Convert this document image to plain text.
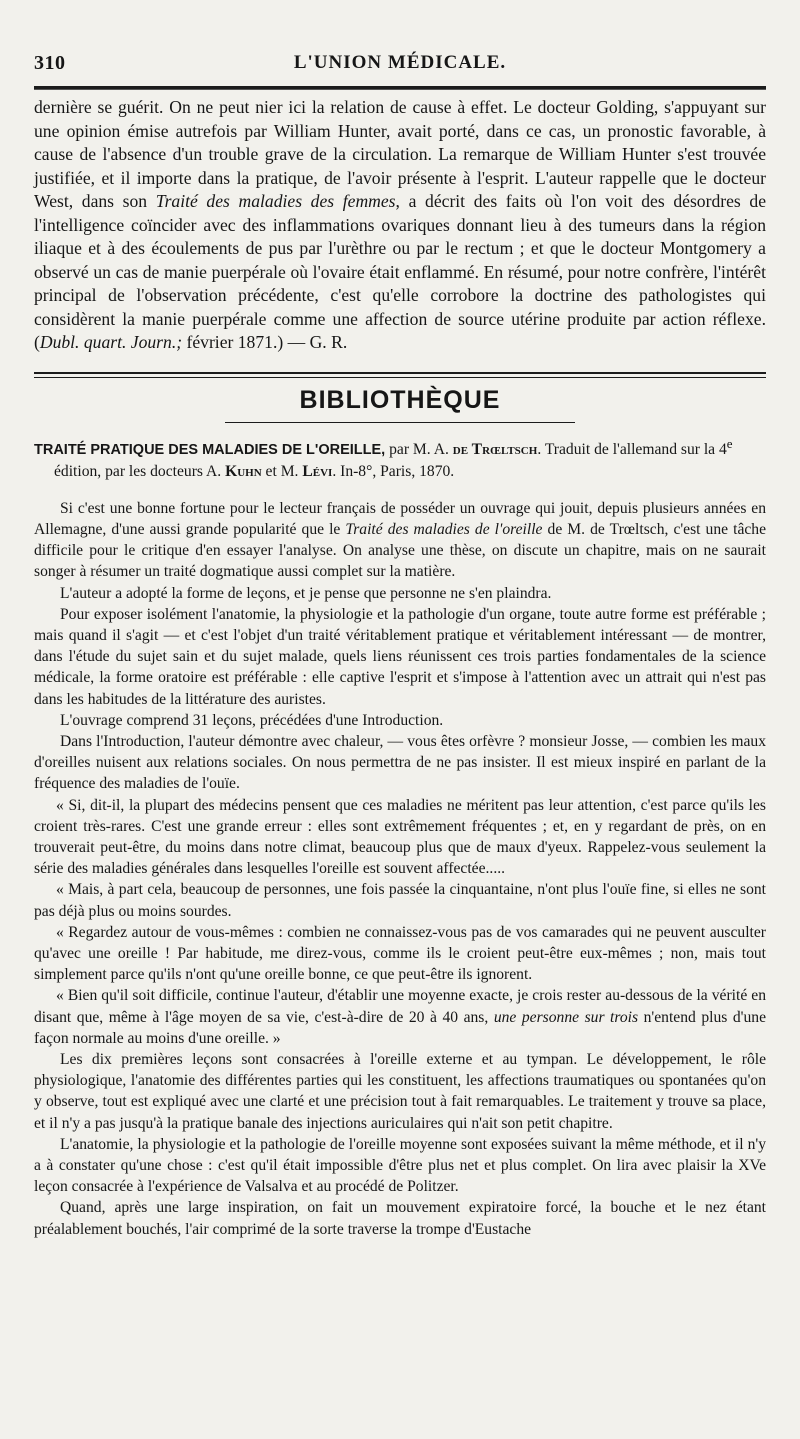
310	L'UNION MÉDICALE.

dernière se guérit. On ne peut nier ici la relation de cause à effet. Le docteur Golding, s'appuyant sur une opinion émise autrefois par William Hunter, avait porté, dans ce cas, un pronostic favorable, à cause de l'absence d'un trouble grave de la circulation. La remarque de William Hunter s'est trouvée justifiée, et il importe dans la pratique, de l'avoir présente à l'esprit. L'auteur rappelle que le docteur West, dans son Traité des maladies des femmes, a décrit des faits où l'on voit des désordres de l'intelligence coïncider avec des inflammations ovariques donnant lieu à des tumeurs dans la région iliaque et à des écoulements de pus par l'urèthre ou par le rectum ; et que le docteur Montgomery a observé un cas de manie puerpérale où l'ovaire était enflammé. En résumé, pour notre confrère, l'intérêt principal de l'observation précédente, c'est qu'elle corrobore la doctrine des pathologistes qui considèrent la manie puerpérale comme une affection de source utérine produite par action réflexe. (Dubl. quart. Journ.; février 1871.) — G. R.

BIBLIOTHÈQUE

TRAITÉ PRATIQUE DES MALADIES DE L'OREILLE, par M. A. de Trœltsch. Traduit de l'allemand sur la 4e édition, par les docteurs A. Kuhn et M. Lévi. In-8°, Paris, 1870.

Si c'est une bonne fortune pour le lecteur français de posséder un ouvrage qui jouit, depuis plusieurs années en Allemagne, d'une aussi grande popularité que le Traité des maladies de l'oreille de M. de Trœltsch, c'est une tâche difficile pour le critique d'en essayer l'analyse. On analyse une thèse, on discute un chapitre, mais on ne saurait songer à résumer un traité dogmatique aussi complet sur la matière.

L'auteur a adopté la forme de leçons, et je pense que personne ne s'en plaindra.

Pour exposer isolément l'anatomie, la physiologie et la pathologie d'un organe, toute autre forme est préférable ; mais quand il s'agit — et c'est l'objet d'un traité véritablement pratique et véritablement intéressant — de montrer, dans l'étude du sujet sain et du sujet malade, quels liens réunissent ces trois parties fondamentales de la science médicale, la forme oratoire est préférable : elle captive l'esprit et s'impose à l'attention avec un attrait qui n'est pas dans les habitudes de la littérature des auristes.

L'ouvrage comprend 31 leçons, précédées d'une Introduction.

Dans l'Introduction, l'auteur démontre avec chaleur, — vous êtes orfèvre ? monsieur Josse, — combien les maux d'oreilles nuisent aux relations sociales. On nous permettra de ne pas insister. Il est mieux inspiré en parlant de la fréquence des maladies de l'ouïe.

« Si, dit-il, la plupart des médecins pensent que ces maladies ne méritent pas leur attention, c'est parce qu'ils les croient très-rares. C'est une grande erreur : elles sont extrêmement fréquentes ; et, en y regardant de près, on en trouverait peut-être, du moins dans notre climat, beaucoup plus que de maux d'yeux. Rappelez-vous seulement la série des maladies générales dans lesquelles l'oreille est souvent affectée.....

« Mais, à part cela, beaucoup de personnes, une fois passée la cinquantaine, n'ont plus l'ouïe fine, si elles ne sont pas déjà plus ou moins sourdes.

« Regardez autour de vous-mêmes : combien ne connaissez-vous pas de vos camarades qui ne peuvent ausculter qu'avec une oreille ! Par habitude, me direz-vous, comme ils le croient peut-être eux-mêmes ; non, mais tout simplement parce qu'ils n'ont qu'une oreille bonne, ce que peut-être ils ignorent.

« Bien qu'il soit difficile, continue l'auteur, d'établir une moyenne exacte, je crois rester au-dessous de la vérité en disant que, même à l'âge moyen de sa vie, c'est-à-dire de 20 à 40 ans, une personne sur trois n'entend plus d'une façon normale au moins d'une oreille. »

Les dix premières leçons sont consacrées à l'oreille externe et au tympan. Le développement, le rôle physiologique, l'anatomie des différentes parties qui les constituent, les affections traumatiques ou spontanées qu'on y observe, tout est expliqué avec une clarté et une précision tout à fait remarquables. Le traitement y trouve sa place, et il n'y a pas jusqu'à la pratique banale des injections auriculaires qui n'ait son petit chapitre.

L'anatomie, la physiologie et la pathologie de l'oreille moyenne sont exposées suivant la même méthode, et il n'y a à constater qu'une chose : c'est qu'il était impossible d'être plus net et plus complet. On lira avec plaisir la XVe leçon consacrée à l'expérience de Valsalva et au procédé de Politzer.

Quand, après une large inspiration, on fait un mouvement expiratoire forcé, la bouche et le nez étant préalablement bouchés, l'air comprimé de la sorte traverse la trompe d'Eustache
